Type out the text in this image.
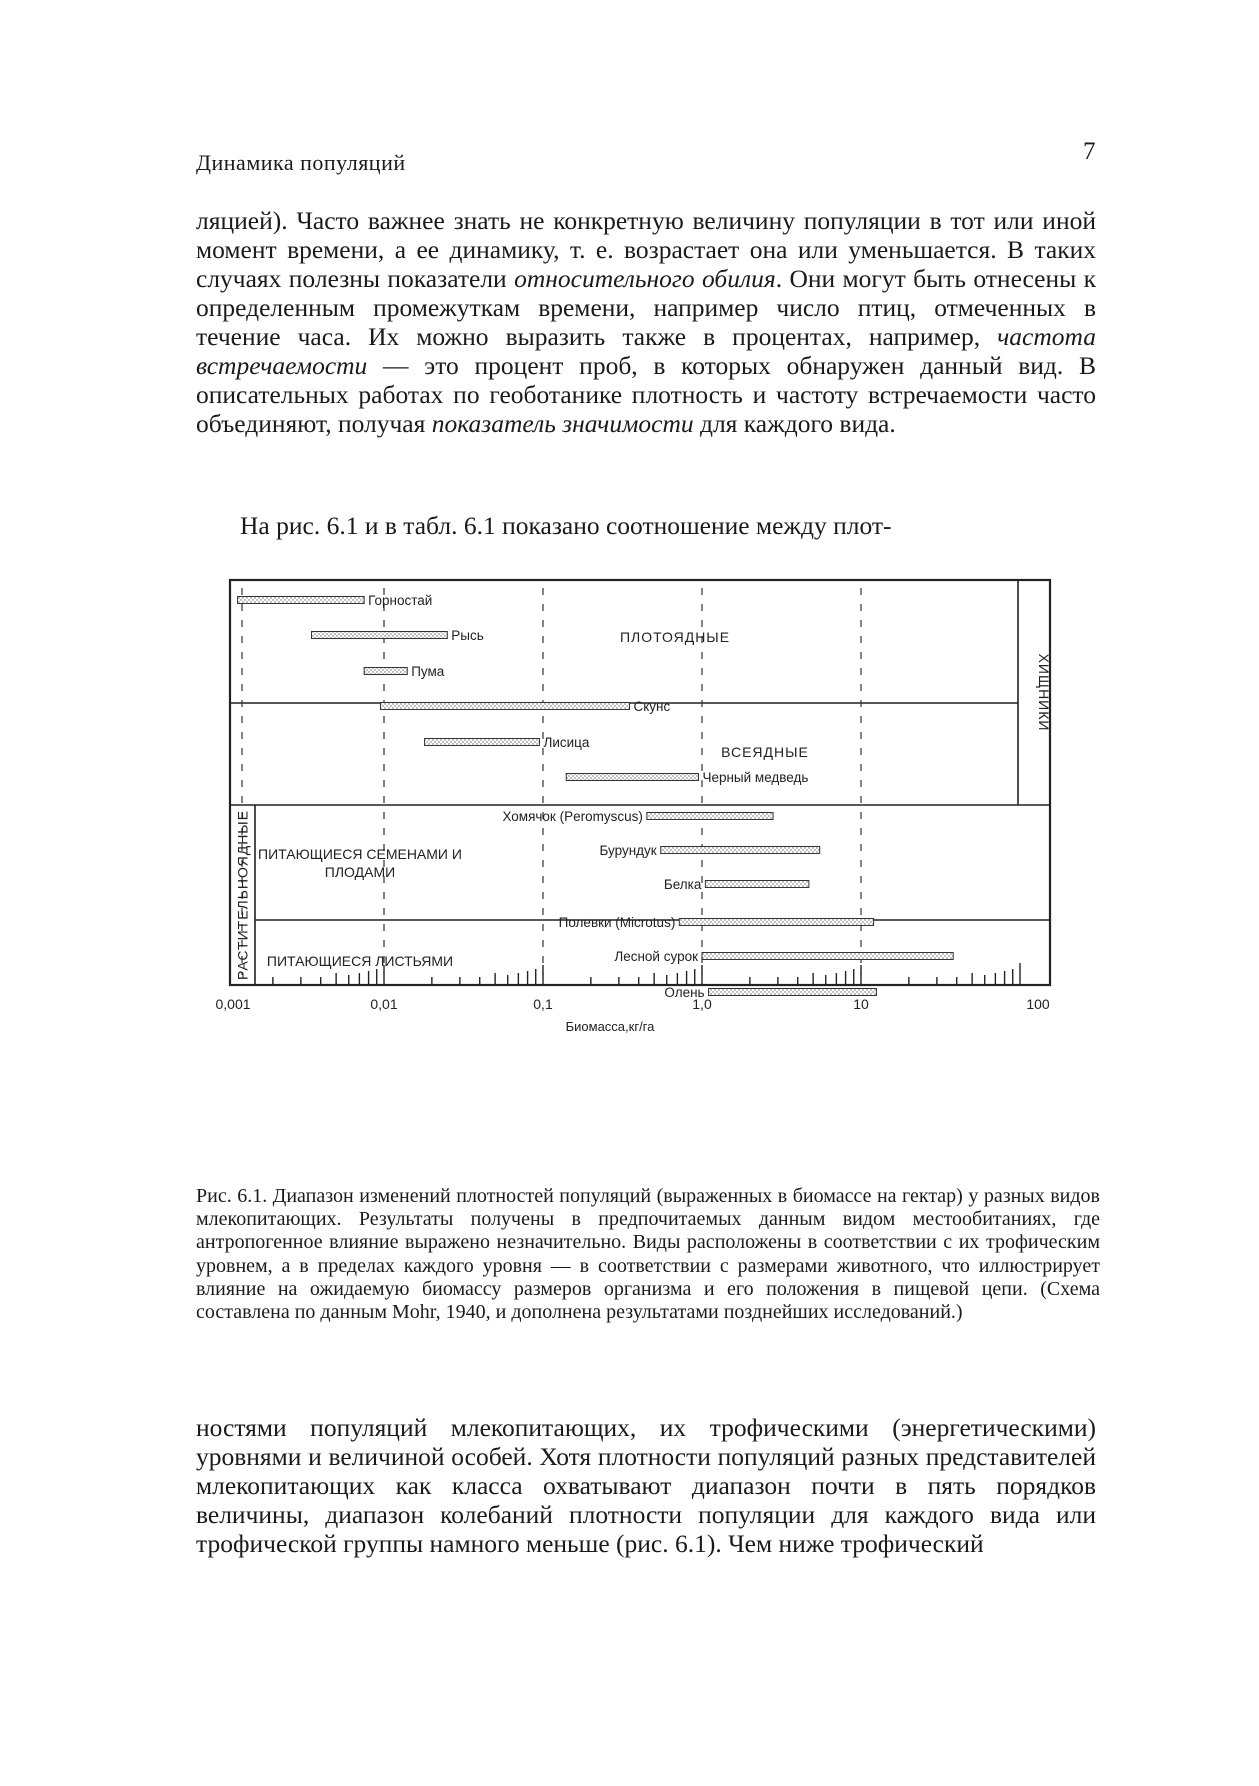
Динамика популяций	7

ляцией). Часто важнее знать не конкретную величину популяции в тот или иной момент времени, а ее динамику, т. е. возрастает она или уменьшается. В таких случаях полезны показатели относительного обилия. Они могут быть отнесены к определенным промежуткам времени, например число птиц, отмеченных в течение часа. Их можно выразить также в процентах, например, частота встречаемости — это процент проб, в которых обнаружен данный вид. В описательных работах по геоботанике плотность и частоту встречаемости часто объединяют, получая показатель значимости для каждого вида.

На рис. 6.1 и в табл. 6.1 показано соотношение между плот-

0,001	0,01	0,1	1,0	10	100
Биомасса,кг/га
ПЛОТОЯДНЫЕ
ВСЕЯДНЫЕ
ПИТАЮЩИЕСЯ СЕМЕНАМИ И
ПЛОДАМИ
ПИТАЮЩИЕСЯ ЛИСТЬЯМИ
ХИЩНИКИ
РАСТИТЕЛЬНОЯДНЫЕ
Горностай
Рысь
Пума
Скунс
Лисица
Черный медведь
Хомячок (Peromyscus)
Бурундук
Белка
Полевки (Microtus)
Лесной сурок
Олень

Рис. 6.1. Диапазон изменений плотностей популяций (выраженных в биомассе на гектар) у разных видов млекопитающих. Результаты получены в предпочитаемых данным видом местообитаниях, где антропогенное влияние выражено незначительно. Виды расположены в соответствии с их трофическим уровнем, а в пределах каждого уровня — в соответствии с размерами животного, что иллюстрирует влияние на ожидаемую биомассу размеров организма и его положения в пищевой цепи. (Схема составлена по данным Mohr, 1940, и дополнена результатами позднейших исследований.)

ностями популяций млекопитающих, их трофическими (энергетическими) уровнями и величиной особей. Хотя плотности популяций разных представителей млекопитающих как класса охватывают диапазон почти в пять порядков величины, диапазон колебаний плотности популяции для каждого вида или трофической группы намного меньше (рис. 6.1). Чем ниже трофический
